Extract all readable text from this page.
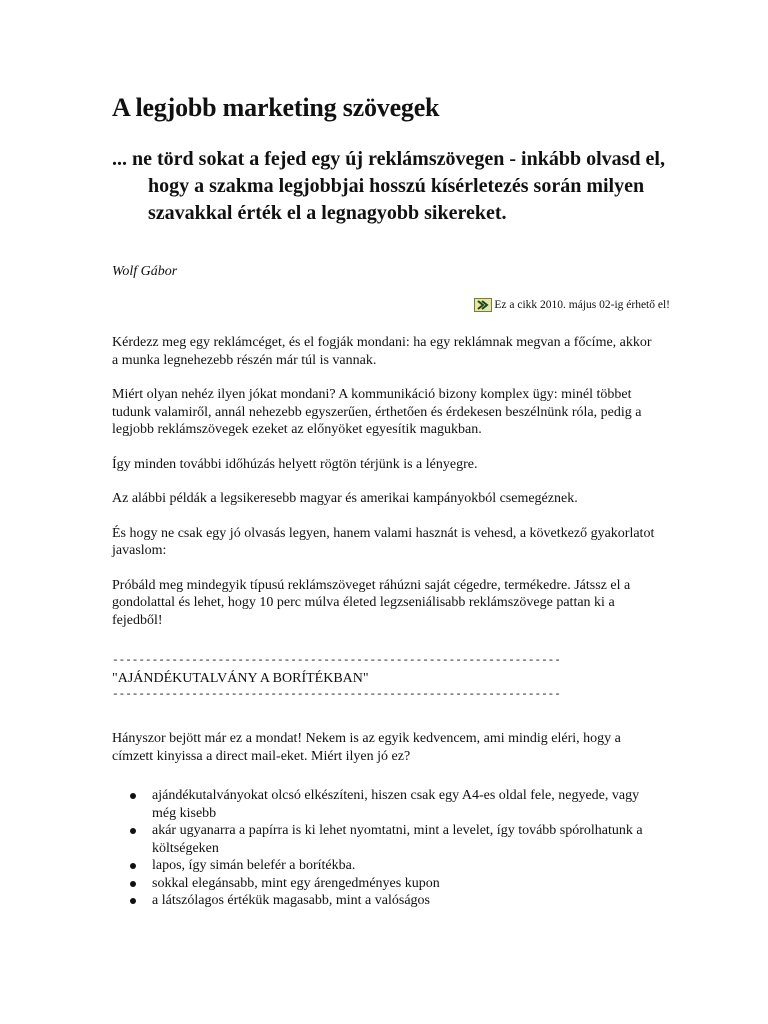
A legjobb marketing szövegek

... ne törd sokat a fejed egy új reklámszövegen - inkább olvasd el, hogy a szakma legjobbjai hosszú kísérletezés során milyen szavakkal érték el a legnagyobb sikereket.

Wolf Gábor
Ez a cikk 2010. május 02-ig érhető el!

Kérdezz meg egy reklámcéget, és el fogják mondani: ha egy reklámnak megvan a főcíme, akkor a munka legnehezebb részén már túl is vannak.

Miért olyan nehéz ilyen jókat mondani? A kommunikáció bizony komplex ügy: minél többet tudunk valamiről, annál nehezebb egyszerűen, érthetően és érdekesen beszélnünk róla, pedig a legjobb reklámszövegek ezeket az előnyöket egyesítik magukban.

Így minden további időhúzás helyett rögtön térjünk is a lényegre.

Az alábbi példák a legsikeresebb magyar és amerikai kampányokból csemegéznek.

És hogy ne csak egy jó olvasás legyen, hanem valami hasznát is vehesd, a következő gyakorlatot javaslom:

Próbáld meg mindegyik típusú reklámszöveget ráhúzni saját cégedre, termékedre. Játssz el a gondolattal és lehet, hogy 10 perc múlva életed legzseniálisabb reklámszövege pattan ki a fejedből!

--------------------------------------------------------------------
"AJÁNDÉKUTALVÁNY A BORÍTÉKBAN"
--------------------------------------------------------------------

Hányszor bejött már ez a mondat! Nekem is az egyik kedvencem, ami mindig eléri, hogy a címzett kinyissa a direct mail-eket. Miért ilyen jó ez?

ajándékutalványokat olcsó elkészíteni, hiszen csak egy A4-es oldal fele, negyede, vagy még kisebb
akár ugyanarra a papírra is ki lehet nyomtatni, mint a levelet, így tovább spórolhatunk a költségeken
lapos, így simán belefér a borítékba.
sokkal elegánsabb, mint egy árengedményes kupon
a látszólagos értékük magasabb, mint a valóságos
